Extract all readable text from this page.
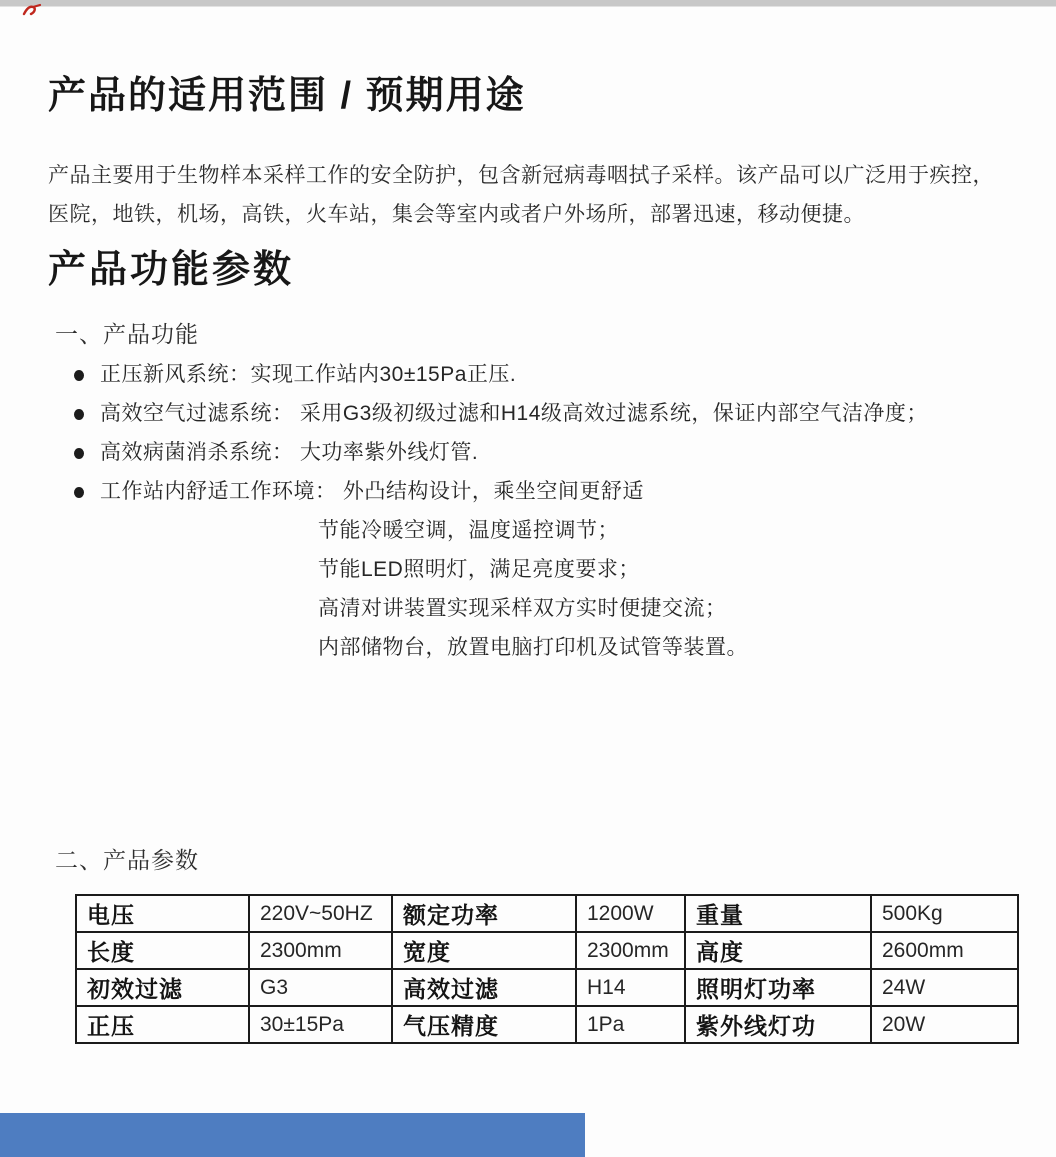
产品的适用范围 / 预期用途
产品主要用于生物样本采样工作的安全防护，包含新冠病毒咽拭子采样。该产品可以广泛用于疾控，
医院，地铁，机场，高铁，火车站，集会等室内或者户外场所，部署迅速，移动便捷。
产品功能参数
一、产品功能
正压新风系统：实现工作站内30±15Pa正压.
高效空气过滤系统： 采用G3级初级过滤和H14级高效过滤系统，保证内部空气洁净度；
高效病菌消杀系统： 大功率紫外线灯管.
工作站内舒适工作环境： 外凸结构设计，乘坐空间更舒适
节能冷暖空调，温度遥控调节；
节能LED照明灯，满足亮度要求；
高清对讲装置实现采样双方实时便捷交流；
内部储物台，放置电脑打印机及试管等装置。
二、产品参数
电压	220V~50HZ	额定功率	1200W	重量	500Kg
长度	2300mm	宽度	2300mm	高度	2600mm
初效过滤	G3	高效过滤	H14	照明灯功率	24W
正压	30±15Pa	气压精度	1Pa	紫外线灯功	20W
